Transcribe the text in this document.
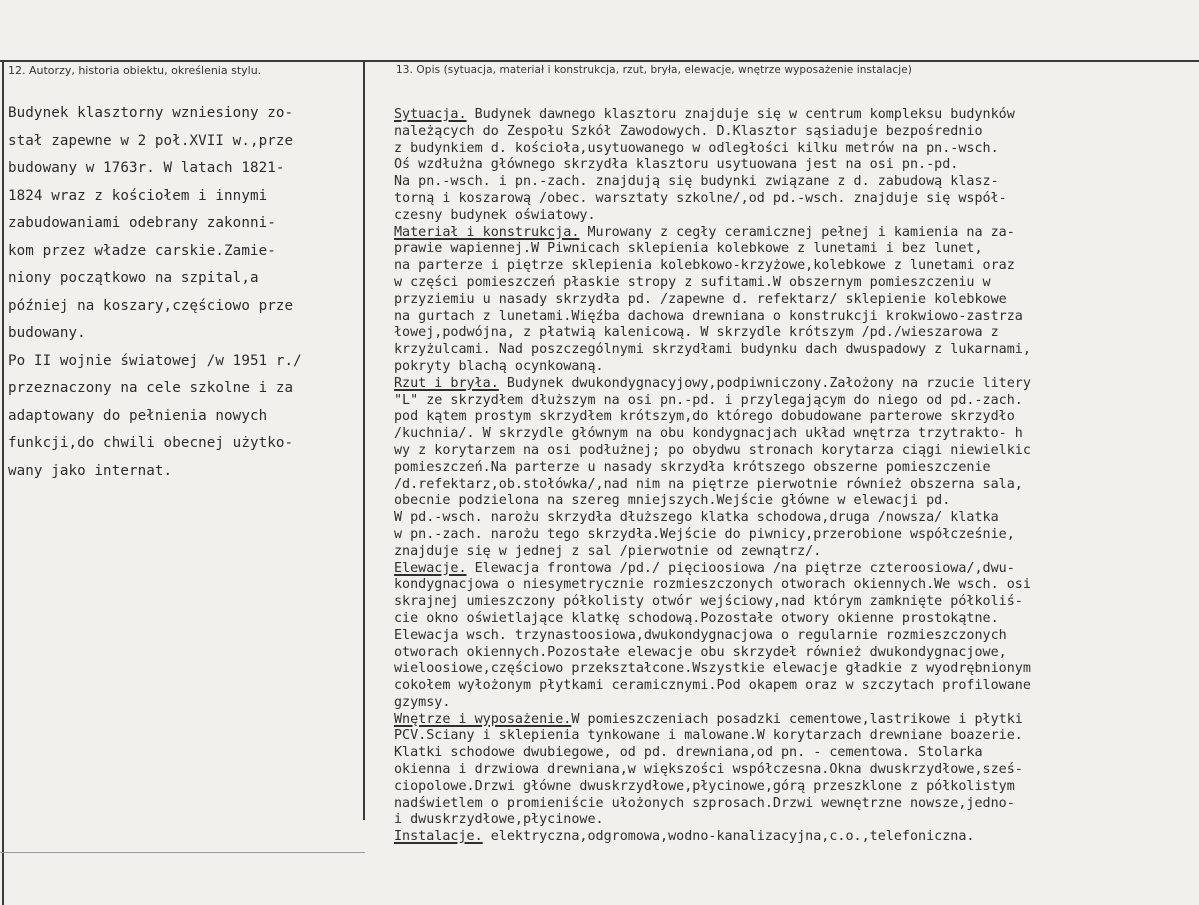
12. Autorzy, historia obiektu, określenia stylu.	13. Opis (sytuacja, materiał i konstrukcja, rzut, bryła, elewacje, wnętrze wyposażenie instalacje)
Budynek klasztorny wzniesiony zo-
stał zapewne w 2 poł.XVII w.,prze
budowany w 1763r. W latach 1821-
1824 wraz z kościołem i innymi
zabudowaniami odebrany zakonni-
kom przez władze carskie.Zamie-
niony początkowo na szpital,a
później na koszary,częściowo prze
budowany.
Po II wojnie światowej /w 1951 r./
przeznaczony na cele szkolne i za
adaptowany do pełnienia nowych
funkcji,do chwili obecnej użytko-
wany jako internat.
Sytuacja. Budynek dawnego klasztoru znajduje się w centrum kompleksu budynków
należących do Zespołu Szkół Zawodowych. D.Klasztor sąsiaduje bezpośrednio
z budynkiem d. kościoła,usytuowanego w odległości kilku metrów na pn.-wsch.
Oś wzdłużna głównego skrzydła klasztoru usytuowana jest na osi pn.-pd.
Na pn.-wsch. i pn.-zach. znajdują się budynki związane z d. zabudową klasz-
torną i koszarową /obec. warsztaty szkolne/,od pd.-wsch. znajduje się współ-
czesny budynek oświatowy.
Materiał i konstrukcja. Murowany z cegły ceramicznej pełnej i kamienia na za-
prawie wapiennej.W Piwnicach sklepienia kolebkowe z lunetami i bez lunet,
na parterze i piętrze sklepienia kolebkowo-krzyżowe,kolebkowe z lunetami oraz
w części pomieszczeń płaskie stropy z sufitami.W obszernym pomieszczeniu w
przyziemiu u nasady skrzydła pd. /zapewne d. refektarz/ sklepienie kolebkowe
na gurtach z lunetami.Więźba dachowa drewniana o konstrukcji krokwiowo-zastrza
łowej,podwójna, z płatwią kalenicową. W skrzydle krótszym /pd./wieszarowa z
krzyżulcami. Nad poszczególnymi skrzydłami budynku dach dwuspadowy z lukarnami,
pokryty blachą ocynkowaną.
Rzut i bryła. Budynek dwukondygnacyjowy,podpiwniczony.Założony na rzucie litery
"L" ze skrzydłem dłuższym na osi pn.-pd. i przylegającym do niego od pd.-zach.
pod kątem prostym skrzydłem krótszym,do którego dobudowane parterowe skrzydło
/kuchnia/. W skrzydle głównym na obu kondygnacjach układ wnętrza trzytrakto- h
wy z korytarzem na osi podłużnej; po obydwu stronach korytarza ciągi niewielkic
pomieszczeń.Na parterze u nasady skrzydła krótszego obszerne pomieszczenie
/d.refektarz,ob.stołówka/,nad nim na piętrze pierwotnie również obszerna sala,
obecnie podzielona na szereg mniejszych.Wejście główne w elewacji pd.
W pd.-wsch. narożu skrzydła dłuższego klatka schodowa,druga /nowsza/ klatka
w pn.-zach. narożu tego skrzydła.Wejście do piwnicy,przerobione współcześnie,
znajduje się w jednej z sal /pierwotnie od zewnątrz/.
Elewacje. Elewacja frontowa /pd./ pięcioosiowa /na piętrze czteroosiowa/,dwu-
kondygnacjowa o niesymetrycznie rozmieszczonych otworach okiennych.We wsch. osi
skrajnej umieszczony półkolisty otwór wejściowy,nad którym zamknięte półkoliś-
cie okno oświetlające klatkę schodową.Pozostałe otwory okienne prostokątne.
Elewacja wsch. trzynastoosiowa,dwukondygnacjowa o regularnie rozmieszczonych
otworach okiennych.Pozostałe elewacje obu skrzydeł również dwukondygnacjowe,
wieloosiowe,częściowo przekształcone.Wszystkie elewacje gładkie z wyodrębnionym
cokołem wyłożonym płytkami ceramicznymi.Pod okapem oraz w szczytach profilowane
gzymsy.
Wnętrze i wyposażenie.W pomieszczeniach posadzki cementowe,lastrikowe i płytki
PCV.Ściany i sklepienia tynkowane i malowane.W korytarzach drewniane boazerie.
Klatki schodowe dwubiegowe, od pd. drewniana,od pn. - cementowa. Stolarka
okienna i drzwiowa drewniana,w większości współczesna.Okna dwuskrzydłowe,sześ-
ciopolowe.Drzwi główne dwuskrzydłowe,płycinowe,górą przeszklone z półkolistym
nadświetlem o promieniście ułożonych szprosach.Drzwi wewnętrzne nowsze,jedno-
i dwuskrzydłowe,płycinowe.
Instalacje. elektryczna,odgromowa,wodno-kanalizacyjna,c.o.,telefoniczna.
